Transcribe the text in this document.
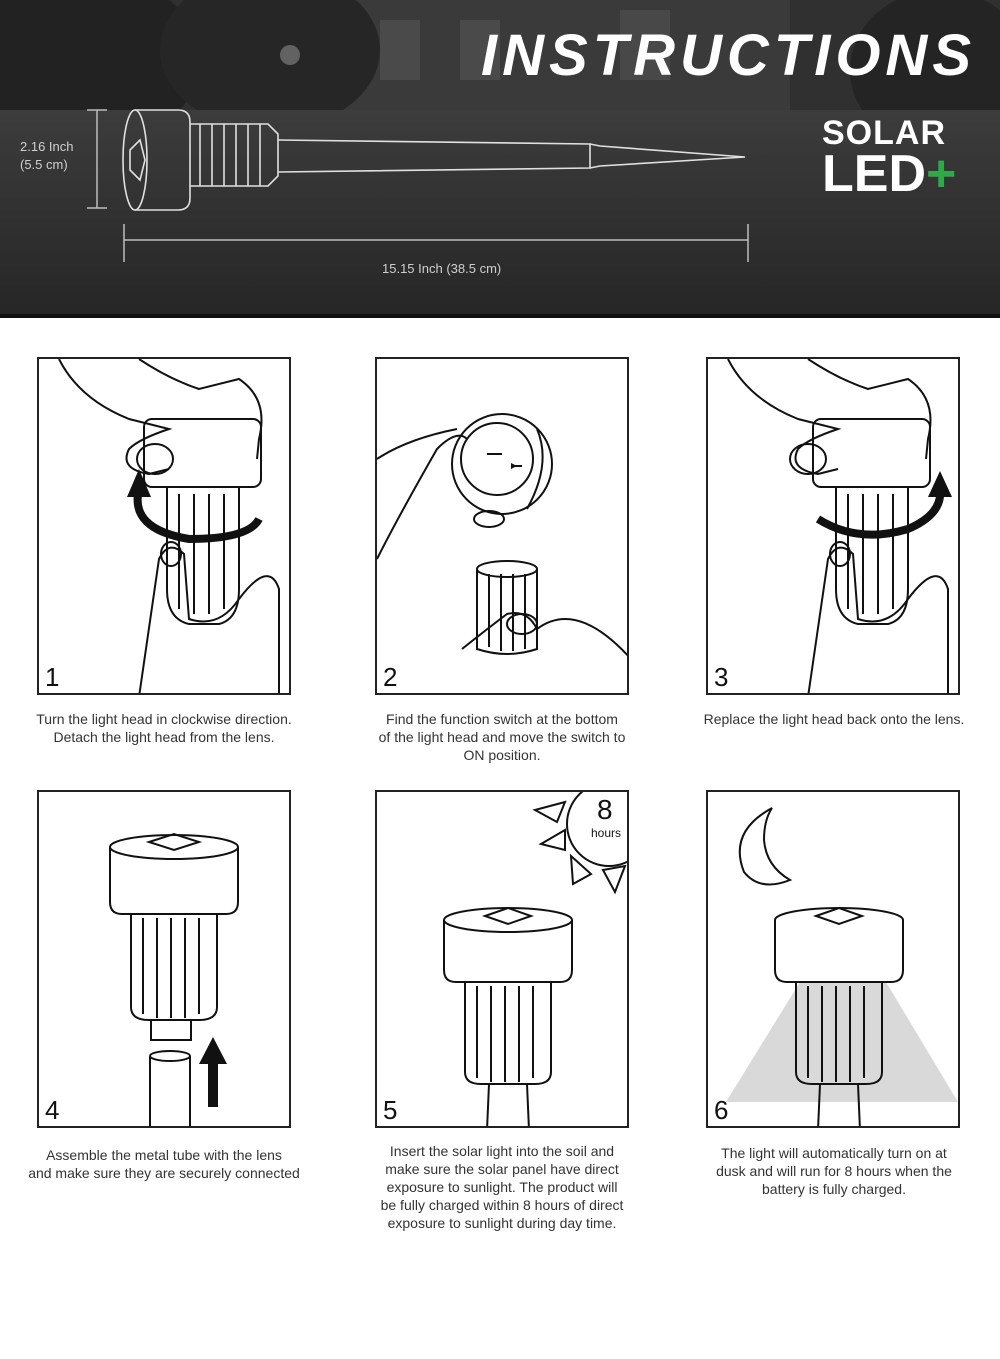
INSTRUCTIONS
SOLAR
LED+
2.16 Inch
(5.5 cm)
15.15 Inch (38.5 cm)
1
Turn the light head in clockwise direction.
Detach the light head from the lens.
2
Find the function switch at the bottom
of the light head and move the switch to
ON position.
3
Replace the light head back onto the lens.
4
Assemble the metal tube with the lens
and make sure they are securely connected
8
hours
5
Insert the solar light into the soil and
make sure the solar panel have direct
exposure to sunlight. The product will
be fully charged within 8 hours of direct
exposure to sunlight during day time.
6
The light will automatically turn on at
dusk and will run for 8 hours when the
battery is fully charged.
